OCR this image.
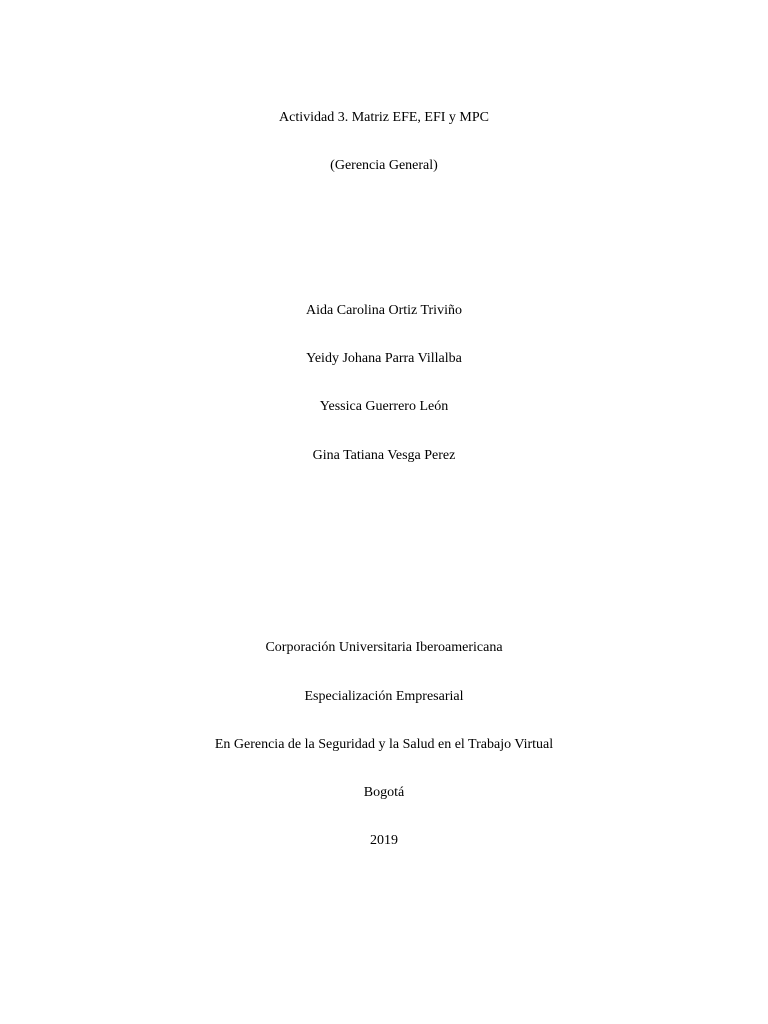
Actividad 3. Matriz EFE, EFI y MPC
(Gerencia General)
Aida Carolina Ortiz Triviño
Yeidy Johana Parra Villalba
Yessica Guerrero León
Gina Tatiana Vesga Perez
Corporación Universitaria Iberoamericana
Especialización Empresarial
En Gerencia de la Seguridad y la Salud en el Trabajo Virtual
Bogotá
2019
